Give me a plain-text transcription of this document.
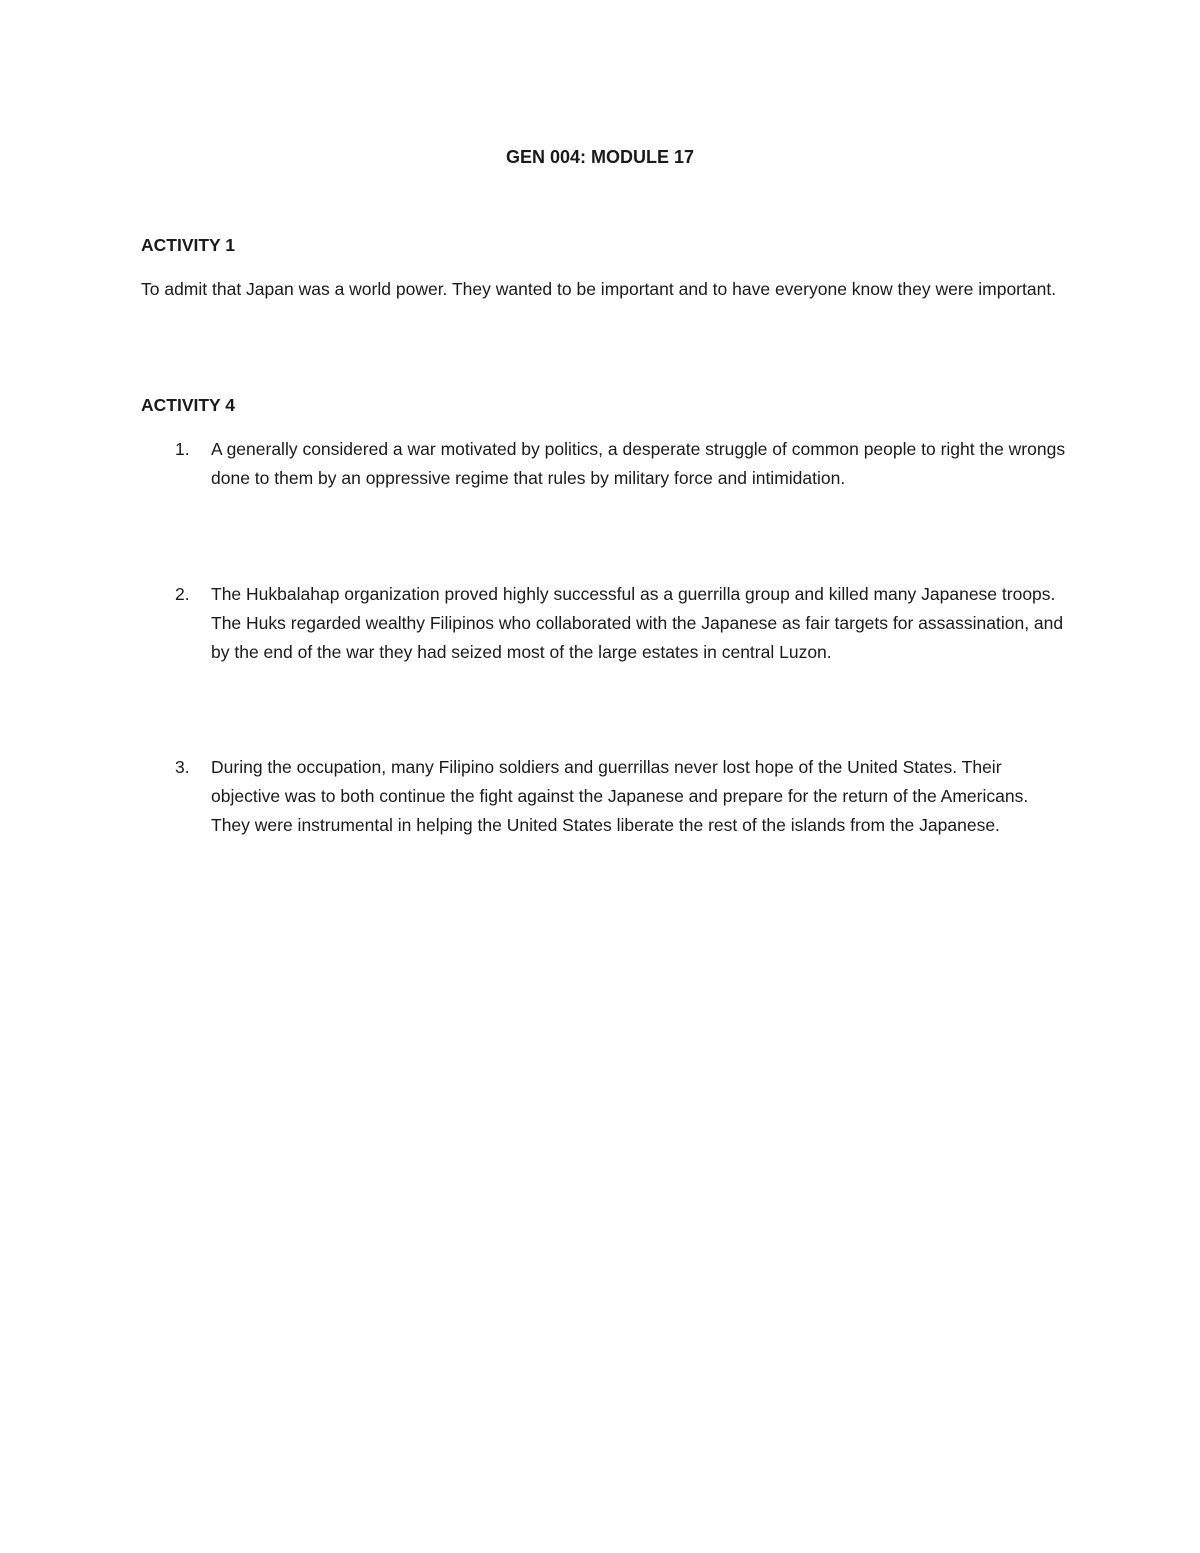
GEN 004: MODULE 17
ACTIVITY 1
To admit that Japan was a world power. They wanted to be important and to have everyone know they were important.
ACTIVITY 4
1.	A generally considered a war motivated by politics, a desperate struggle of common people to right the wrongs done to them by an oppressive regime that rules by military force and intimidation.
2.	The Hukbalahap organization proved highly successful as a guerrilla group and killed many Japanese troops. The Huks regarded wealthy Filipinos who collaborated with the Japanese as fair targets for assassination, and by the end of the war they had seized most of the large estates in central Luzon.
3.	During the occupation, many Filipino soldiers and guerrillas never lost hope of the United States. Their objective was to both continue the fight against the Japanese and prepare for the return of the Americans. They were instrumental in helping the United States liberate the rest of the islands from the Japanese.
